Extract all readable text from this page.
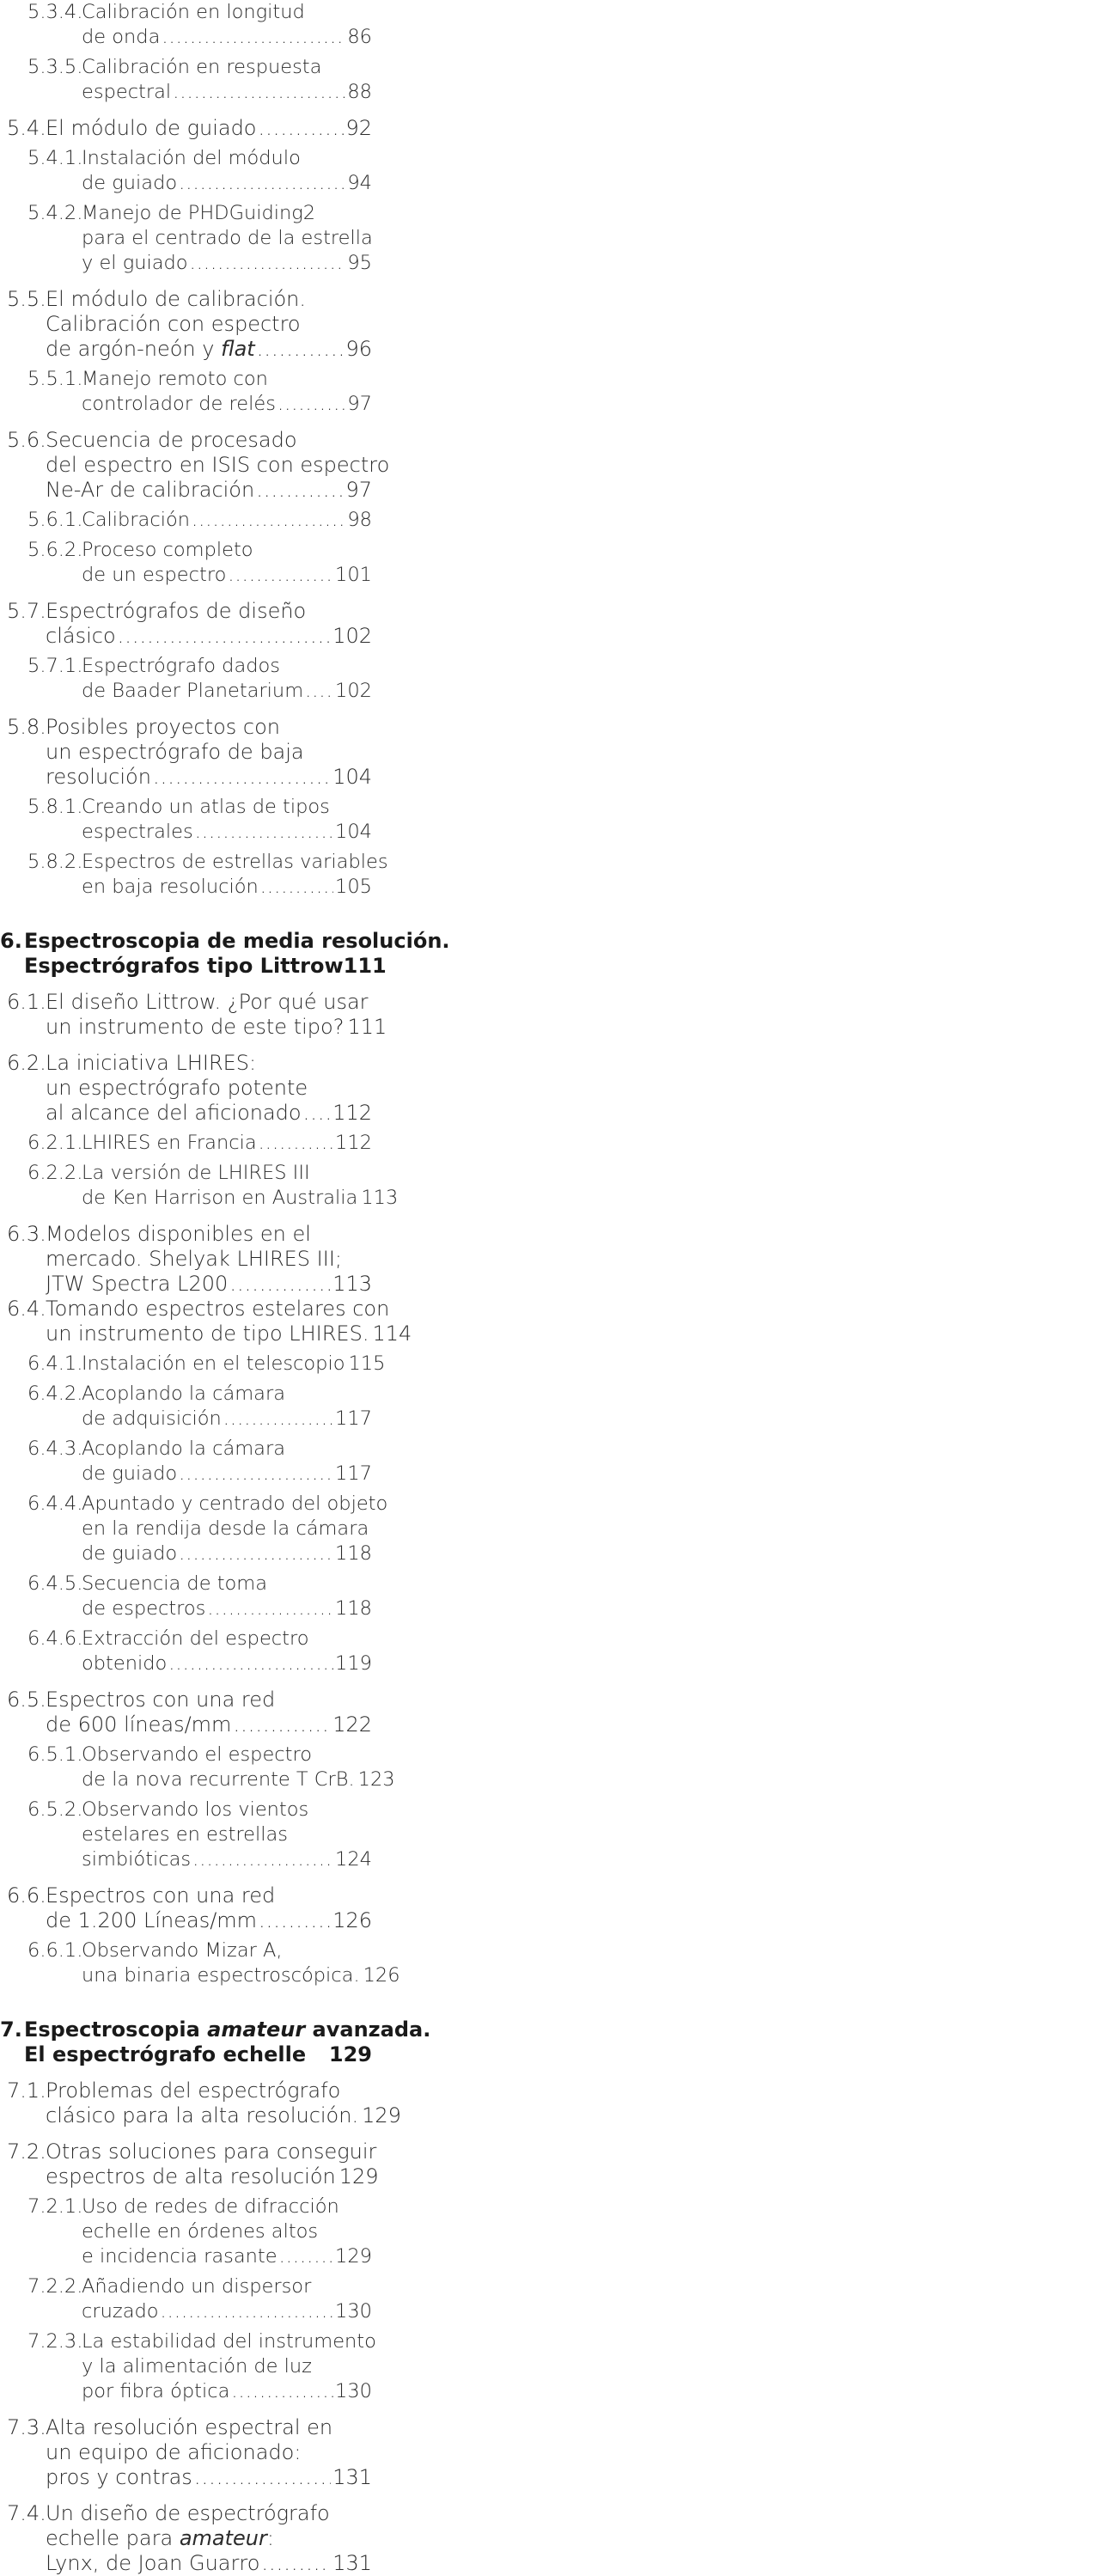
5.3.4.
Calibración en longitud
de onda .....	86
5.3.5.
Calibración en respuesta
espectral .....	88
5.4. El módulo de guiado .....	92
5.4.1.
Instalación del módulo
de guiado .....	94
5.4.2.
Manejo de PHDGuiding2
para el centrado de la estrella
y el guiado .....	95
5.5. El módulo de calibración.
Calibración con espectro
de argón-neón y flat .....	96
5.5.1.
Manejo remoto con
controlador de relés .....	97
5.6. Secuencia de procesado
del espectro en ISIS con espectro
Ne-Ar de calibración .....	97
5.6.1.
Calibración .....	98
5.6.2.
Proceso completo
de un espectro .....	101
5.7. Espectrógrafos de diseño
clásico .....	102
5.7.1.
Espectrógrafo dados
de Baader Planetarium ..... 102
5.8. Posibles proyectos con
un espectrógrafo de baja
resolución .....	104
5.8.1.
Creando un atlas de tipos
espectrales .....	104
5.8.2.
Espectros de estrellas variables
en baja resolución .....	105
6. Espectroscopia de media resolución.
Espectrógrafos tipo Littrow 111
6.1. El diseño Littrow. ¿Por qué usar
un instrumento de este tipo? 111
6.2. La iniciativa LHIRES:
un espectrógrafo potente
al alcance del aficionado ..... 112
6.2.1.
LHIRES en Francia .....	112
6.2.2.
La versión de LHIRES III
de Ken Harrison en Australia 113
6.3. Modelos disponibles en el
mercado. Shelyak LHIRES III;
JTW Spectra L200 .....	113
6.4. Tomando espectros estelares con
un instrumento de tipo LHIRES. 114
6.4.1.
Instalación en el telescopio 115
6.4.2.
Acoplando la cámara
de adquisición .....	117
6.4.3.
Acoplando la cámara
de guiado .....	117
6.4.4.
Apuntado y centrado del objeto
en la rendija desde la cámara
de guiado .....	118
6.4.5.
Secuencia de toma
de espectros .....	118
6.4.6.
Extracción del espectro
obtenido .....	119
6.5. Espectros con una red
de 600 líneas/mm .....	122
6.5.1.
Observando el espectro
de la nova recurrente T CrB. 123
6.5.2.
Observando los vientos
estelares en estrellas
simbióticas .....	124
6.6. Espectros con una red
de 1.200 Líneas/mm .....	126
6.6.1.
Observando Mizar A,
una binaria espectroscópica. 126
7. Espectroscopia amateur avanzada.
El espectrógrafo echelle 129
7.1. Problemas del espectrógrafo
clásico para la alta resolución. 129
7.2. Otras soluciones para conseguir
espectros de alta resolución 129
7.2.1.
Uso de redes de difracción
echelle en órdenes altos
e incidencia rasante .....	129
7.2.2.
Añadiendo un dispersor
cruzado .....	130
7.2.3.
La estabilidad del instrumento
y la alimentación de luz
por fibra óptica .....	130
7.3. Alta resolución espectral en
un equipo de aficionado:
pros y contras .....	131
7.4. Un diseño de espectrógrafo
echelle para amateur:
Lynx, de Joan Guarro .....	131
